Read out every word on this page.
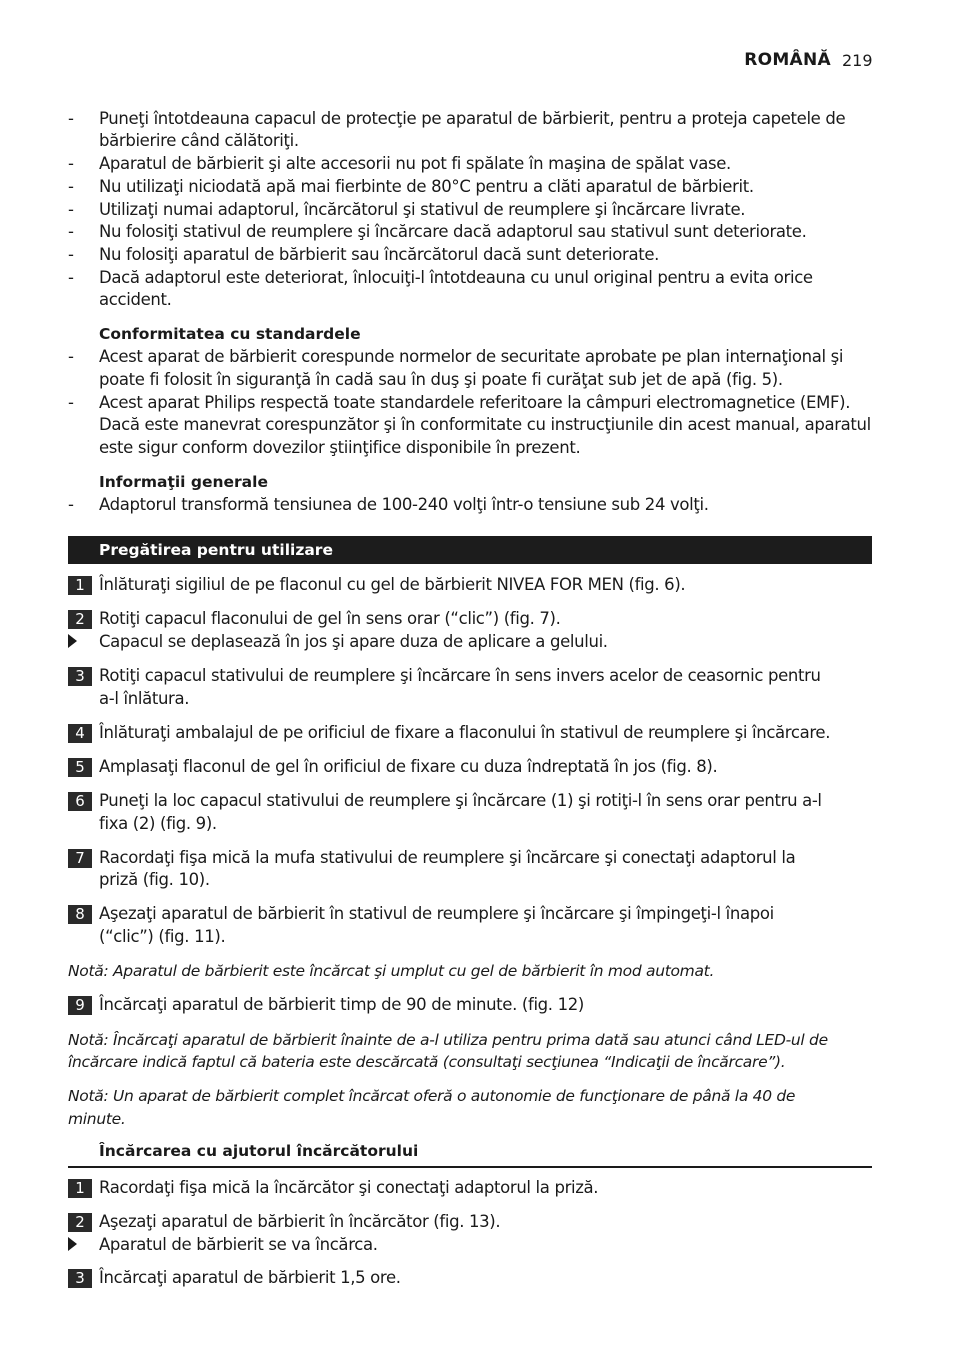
ROMÂNĂ 219
- Puneţi întotdeauna capacul de protecţie pe aparatul de bărbierit, pentru a proteja capetele de
bărbierire când călătoriţi.
- Aparatul de bărbierit şi alte accesorii nu pot fi spălate în maşina de spălat vase.
- Nu utilizaţi niciodată apă mai fierbinte de 80°C pentru a clăti aparatul de bărbierit.
- Utilizaţi numai adaptorul, încărcătorul şi stativul de reumplere şi încărcare livrate.
- Nu folosiţi stativul de reumplere şi încărcare dacă adaptorul sau stativul sunt deteriorate.
- Nu folosiţi aparatul de bărbierit sau încărcătorul dacă sunt deteriorate.
- Dacă adaptorul este deteriorat, înlocuiţi-l întotdeauna cu unul original pentru a evita orice
accident.
Conformitatea cu standardele
- Acest aparat de bărbierit corespunde normelor de securitate aprobate pe plan internaţional şi
poate fi folosit în siguranţă în cadă sau în duş şi poate fi curăţat sub jet de apă (fig. 5).
- Acest aparat Philips respectă toate standardele referitoare la câmpuri electromagnetice (EMF).
Dacă este manevrat corespunzător şi în conformitate cu instrucţiunile din acest manual, aparatul
este sigur conform dovezilor ştiinţifice disponibile în prezent.
Informaţii generale
- Adaptorul transformă tensiunea de 100-240 volţi într-o tensiune sub 24 volţi.
Pregătirea pentru utilizare
1 Înlăturaţi sigiliul de pe flaconul cu gel de bărbierit NIVEA FOR MEN (fig. 6).
2 Rotiţi capacul flaconului de gel în sens orar (“clic”) (fig. 7).
Capacul se deplasează în jos şi apare duza de aplicare a gelului.
3 Rotiţi capacul stativului de reumplere şi încărcare în sens invers acelor de ceasornic pentru
a-l înlătura.
4 Înlăturaţi ambalajul de pe orificiul de fixare a flaconului în stativul de reumplere şi încărcare.
5 Amplasaţi flaconul de gel în orificiul de fixare cu duza îndreptată în jos (fig. 8).
6 Puneţi la loc capacul stativului de reumplere şi încărcare (1) şi rotiţi-l în sens orar pentru a-l
fixa (2) (fig. 9).
7 Racordaţi fişa mică la mufa stativului de reumplere şi încărcare şi conectaţi adaptorul la
priză (fig. 10).
8 Aşezaţi aparatul de bărbierit în stativul de reumplere şi încărcare şi împingeţi-l înapoi
(“clic”) (fig. 11).
Notă: Aparatul de bărbierit este încărcat şi umplut cu gel de bărbierit în mod automat.
9 Încărcaţi aparatul de bărbierit timp de 90 de minute. (fig. 12)
Notă: Încărcaţi aparatul de bărbierit înainte de a-l utiliza pentru prima dată sau atunci când LED-ul de
încărcare indică faptul că bateria este descărcată (consultaţi secţiunea “Indicaţii de încărcare”).
Notă: Un aparat de bărbierit complet încărcat oferă o autonomie de funcţionare de până la 40 de
minute.
Încărcarea cu ajutorul încărcătorului
1 Racordaţi fişa mică la încărcător şi conectaţi adaptorul la priză.
2 Aşezaţi aparatul de bărbierit în încărcător (fig. 13).
Aparatul de bărbierit se va încărca.
3 Încărcaţi aparatul de bărbierit 1,5 ore.
